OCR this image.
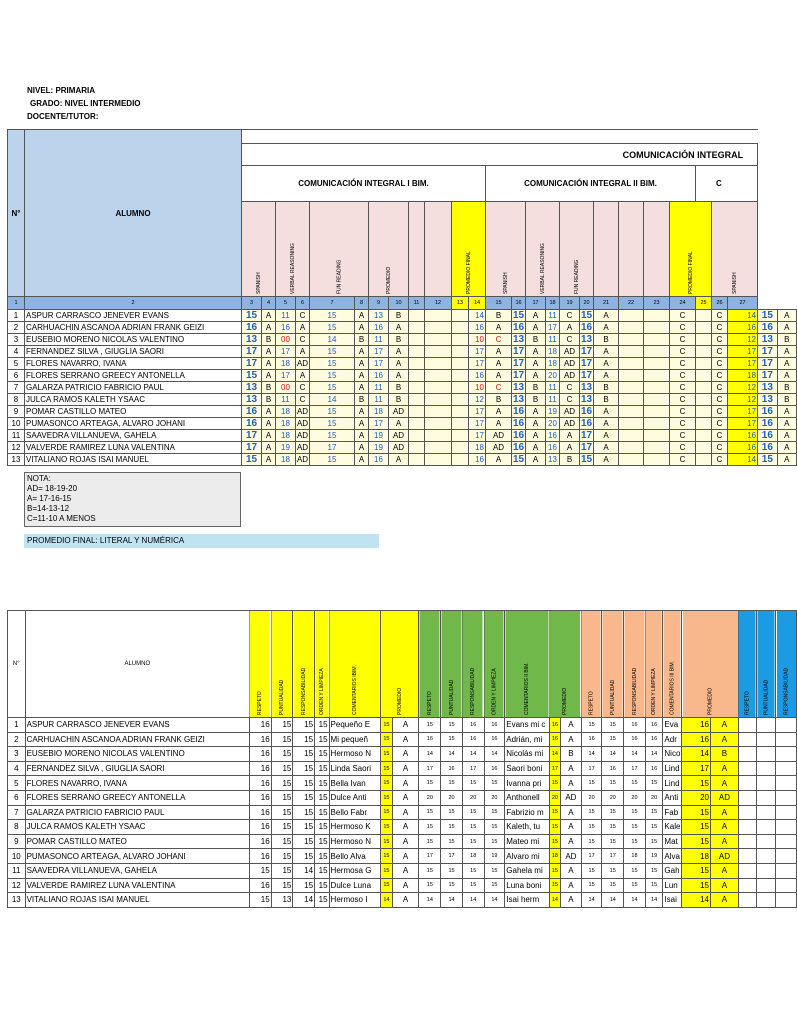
NIVEL: PRIMARIA
GRADO: NIVEL INTERMEDIO
DOCENTE/TUTOR:
N°	ALUMNO																											
		COMUNICACIÓN INTEGRAL																										
		COMUNICACIÓN INTEGRAL I BIM.												COMUNICACIÓN INTEGRAL II BIM.										C				
		SPANISH		VERBAL REASONING		FUN READING		PROMEDIO				PROMEDIO FINAL		SPANISH		VERBAL REASONING		FUN READING					PROMEDIO FINAL		SPANISH			
1	2	3	4	5	6	7	8	9	10	11	12	13	14	15	16	17	18	19	20	21	22	23	24	25	26	27		
1	ASPUR CARRASCO JENEVER EVANS	15	A	11	C	15	A	13	B				14	B	15	A	11	C	15	A			C		C	14	15	A
2	CARHUACHIN ASCANOA ADRIAN FRANK GEIZI	16	A	16	A	15	A	16	A				16	A	16	A	17	A	16	A			C		C	16	16	A
3	EUSEBIO MORENO NICOLAS VALENTINO	13	B	00	C	14	B	11	B				10	C	13	B	11	C	13	B			C		C	12	13	B
4	FERNANDEZ SILVA , GIUGLIA SAORI	17	A	17	A	15	A	17	A				17	A	17	A	18	AD	17	A			C		C	17	17	A
5	FLORES NAVARRO, IVANA	17	A	18	AD	15	A	17	A				17	A	17	A	18	AD	17	A			C		C	17	17	A
6	FLORES SERRANO GREECY ANTONELLA	15	A	17	A	15	A	16	A				16	A	17	A	20	AD	17	A			C		C	18	17	A
7	GALARZA PATRICIO FABRICIO PAUL	13	B	00	C	15	A	11	B				10	C	13	B	11	C	13	B			C		C	12	13	B
8	JULCA RAMOS KALETH YSAAC	13	B	11	C	14	B	11	B				12	B	13	B	11	C	13	B			C		C	12	13	B
9	POMAR CASTILLO MATEO	16	A	18	AD	15	A	18	AD				17	A	16	A	19	AD	16	A			C		C	17	16	A
10	PUMASONCO ARTEAGA, ALVARO JOHANI	16	A	18	AD	15	A	17	A				17	A	16	A	20	AD	16	A			C		C	17	16	A
11	SAAVEDRA VILLANUEVA, GAHELA	17	A	18	AD	15	A	19	AD				17	AD	16	A	16	A	17	A			C		C	16	16	A
12	VALVERDE RAMIREZ LUNA VALENTINA	17	A	19	AD	17	A	19	AD				18	AD	16	A	16	A	17	A			C		C	16	16	A
13	VITALIANO ROJAS ISAI MANUEL	15	A	18	AD	15	A	16	A				16	A	15	A	13	B	15	A			C		C	14	15	A
NOTA:
AD= 18-19-20
A= 17-16-15
B=14-13-12
C=11-10 A MENOS
PROMEDIO FINAL: LITERAL Y NUMÉRICA
N°	ALUMNO	RESPETO	PUNTUALIDAD	RESPONSABILIDAD	ORDEN Y LIMPIEZA	COMENTARIOS IBIM.	PROMEDIO		RESPETO	PUNTUALIDAD	RESPONSABILIDAD	ORDEN Y LIMPIEZA	COMENTARIOS II BIM.	PROMEDIO		RESPETO	PUNTUALIDAD	RESPONSABILIDAD	ORDEN Y LIMPIEZA	COMENTARIOS III BIM.	PROMEDIO		RESPETO	PUNTUALIDAD	RESPONSABILIDAD
1	ASPUR CARRASCO JENEVER EVANS	16	15	15	15	Pequeño E	15	A	15	15	16	16	Evans mi c	16	A	15	15	16	16	Eva	16	A			
2	CARHUACHIN ASCANOA ADRIAN FRANK GEIZI	16	15	15	15	Mi pequeñ	15	A	16	15	16	16	Adrián, mi	16	A	16	15	16	16	Adr	16	A			
3	EUSEBIO MORENO NICOLAS VALENTINO	16	15	15	15	Hermoso N	15	A	14	14	14	14	Nicolás mi	14	B	14	14	14	14	Nico	14	B			
4	FERNANDEZ SILVA , GIUGLIA SAORI	16	15	15	15	Linda Saori	15	A	17	16	17	16	Saori boni	17	A	17	16	17	16	Lind	17	A			
5	FLORES NAVARRO, IVANA	16	15	15	15	Bella Ivan	15	A	15	15	15	15	Ivanna pri	15	A	15	15	15	15	Lind	15	A			
6	FLORES SERRANO GREECY ANTONELLA	16	15	15	15	Dulce Anti	15	A	20	20	20	20	Anthonell	20	AD	20	20	20	20	Anti	20	AD			
7	GALARZA PATRICIO FABRICIO PAUL	16	15	15	15	Bello Fabr	15	A	15	15	15	15	Fabrizio m	15	A	15	15	15	15	Fab	15	A			
8	JULCA RAMOS KALETH YSAAC	16	15	15	15	Hermoso K	15	A	15	15	15	15	Kaleth, tu	15	A	15	15	15	15	Kale	15	A			
9	POMAR CASTILLO MATEO	16	15	15	15	Hermoso N	15	A	15	15	15	15	Mateo mi	15	A	15	15	15	15	Mat	15	A			
10	PUMASONCO ARTEAGA, ALVARO JOHANI	16	15	15	15	Bello Alva	15	A	17	17	18	19	Alvaro mi	18	AD	17	17	18	19	Alva	18	AD			
11	SAAVEDRA VILLANUEVA, GAHELA	15	15	14	15	Hermosa G	15	A	15	15	15	15	Gahela mi	15	A	15	15	15	15	Gah	15	A			
12	VALVERDE RAMIREZ LUNA VALENTINA	16	15	15	15	Dulce Luna	15	A	15	15	15	15	Luna boni	15	A	15	15	15	15	Lun	15	A			
13	VITALIANO ROJAS ISAI MANUEL	15	13	14	15	Hermoso I	14	A	14	14	14	14	Isai herm	14	A	14	14	14	14	Isai	14	A			
